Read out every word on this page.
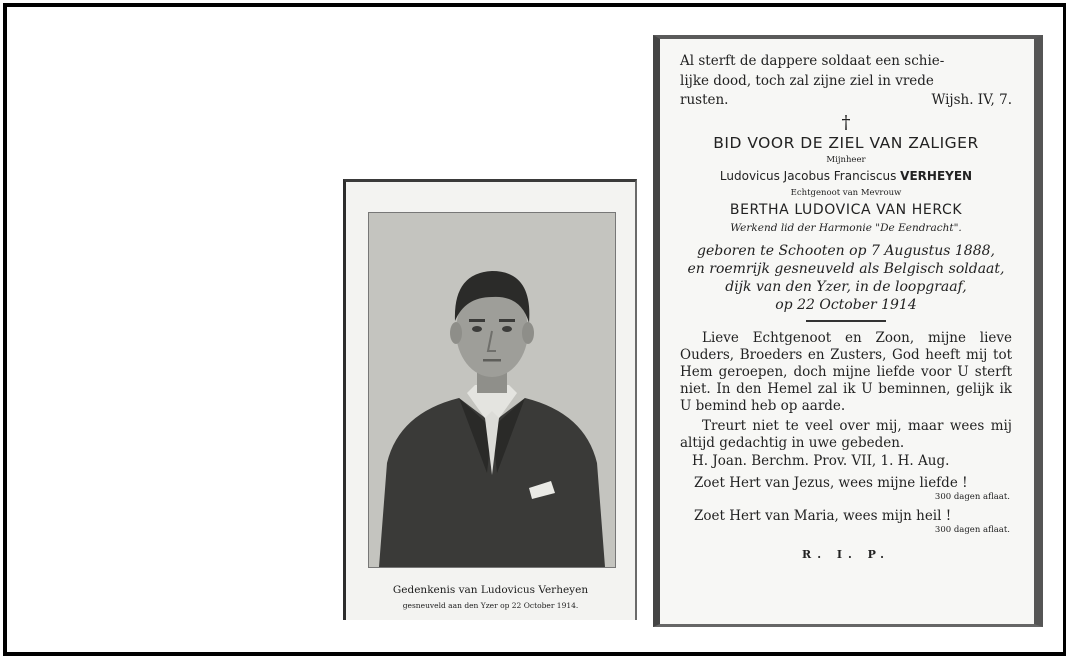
Gedenkenis van Ludovicus Verheyen
gesneuveld aan den Yzer op 22 October 1914.
Al sterft de dappere soldaat een schie-
lijke dood, toch zal zijne ziel in vrede
rusten.	Wijsh. IV, 7.
†
BID VOOR DE ZIEL VAN ZALIGER
Mijnheer
Ludovicus Jacobus Franciscus VERHEYEN
Echtgenoot van Mevrouw
BERTHA LUDOVICA VAN HERCK
Werkend lid der Harmonie "De Eendracht".
geboren te Schooten op 7 Augustus 1888,
en roemrijk gesneuveld als Belgisch soldaat,
dijk van den Yzer, in de loopgraaf,
op 22 October 1914
Lieve Echtgenoot en Zoon, mijne lieve Ouders, Broeders en Zusters, God heeft mij tot Hem geroepen, doch mijne liefde voor U sterft niet. In den Hemel zal ik U beminnen, gelijk ik U bemind heb op aarde.
Treurt niet te veel over mij, maar wees mij altijd gedachtig in uwe gebeden.
H. Joan. Berchm. Prov. VII, 1. H. Aug.
Zoet Hert van Jezus, wees mijne liefde !
300 dagen aflaat.
Zoet Hert van Maria, wees mijn heil !
300 dagen aflaat.
R. I. P.
